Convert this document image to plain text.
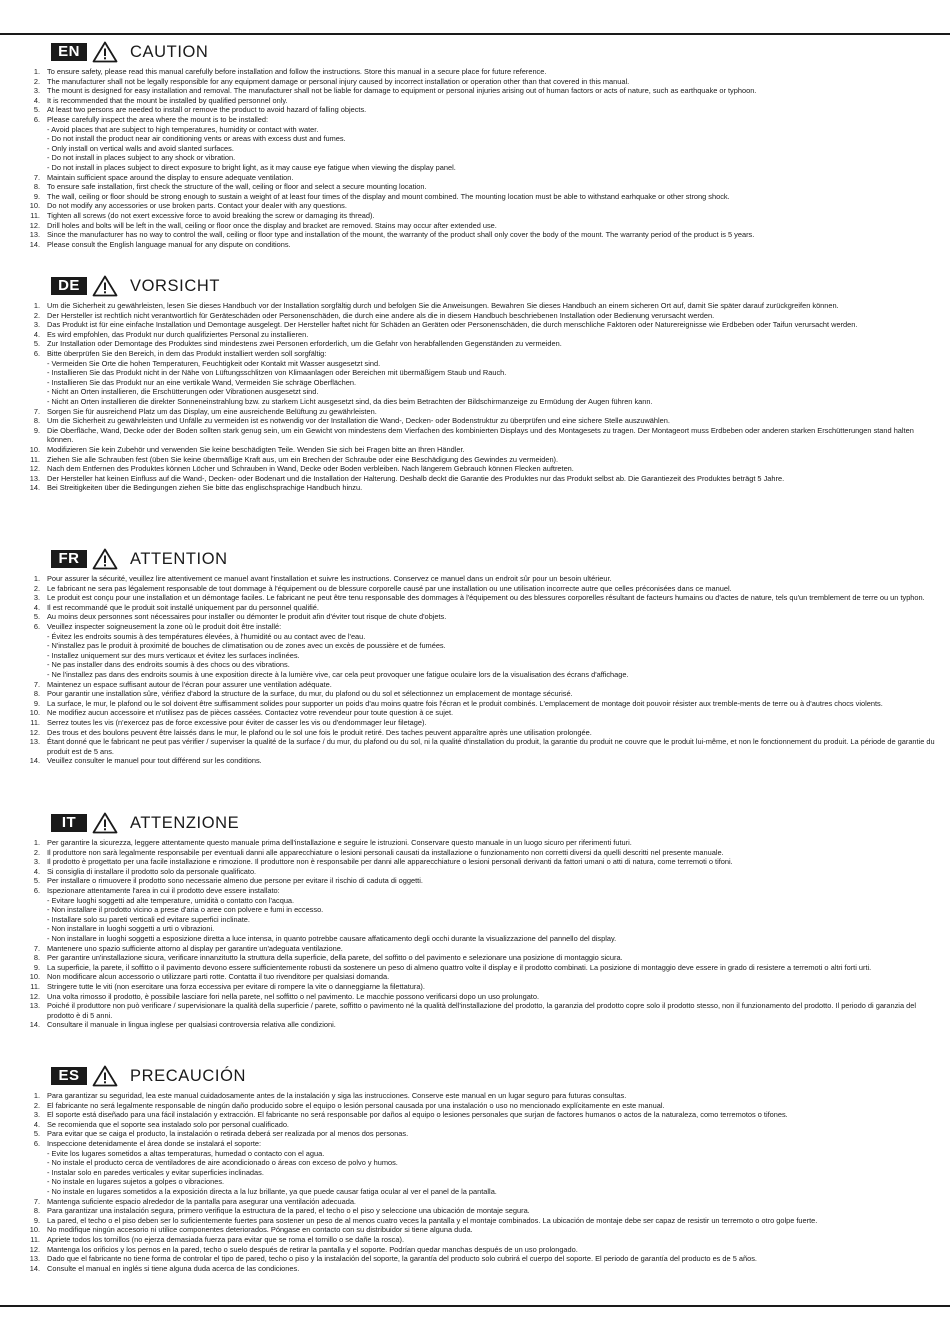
EN	CAUTION
1. To ensure safety, please read this manual carefully before installation and follow the instructions. Store this manual in a secure place for future reference.
2. The manufacturer shall not be legally responsible for any equipment damage or personal injury caused by incorrect installation or operation other than that covered in this manual.
3. The mount is designed for easy installation and removal. The manufacturer shall not be liable for damage to equipment or personal injuries arising out of human factors or acts of nature, such as earthquake or typhoon.
4. It is recommended that the mount be installed by qualified personnel only.
5. At least two persons are needed to install or remove the product to avoid hazard of falling objects.
6. Please carefully inspect the area where the mount is to be installed:
- Avoid places that are subject to high temperatures, humidity or contact with water.
- Do not install the product near air conditioning vents or areas with excess dust and fumes.
- Only install on vertical walls and avoid slanted surfaces.
- Do not install in places subject to any shock or vibration.
- Do not install in places subject to direct exposure to bright light, as it may cause eye fatigue when viewing the display panel.
7. Maintain sufficient space around the display to ensure adequate ventilation.
8. To ensure safe installation, first check the structure of the wall, ceiling or floor and select a secure mounting location.
9. The wall, ceiling or floor should be strong enough to sustain a weight of at least four times of the display and mount combined. The mounting location must be able to withstand earhquake or other strong shock.
10. Do not modify any accessories or use broken parts. Contact your dealer with any questions.
11. Tighten all screws (do not exert excessive force to avoid breaking the screw or damaging its thread).
12. Drill holes and bolts will be left in the wall, ceiling or floor once the display and bracket are removed. Stains may occur after extended use.
13. Since the manufacturer has no way to control the wall, ceiling or floor type and installation of the mount, the warranty of the product shall only cover the body of the mount. The warranty period of the product is 5 years.
14. Please consult the English language manual for any dispute on conditions.
DE	VORSICHT
1. Um die Sicherheit zu gewährleisten, lesen Sie dieses Handbuch vor der Installation sorgfältig durch und befolgen Sie die Anweisungen. Bewahren Sie dieses Handbuch an einem sicheren Ort auf, damit Sie später darauf zurückgreifen können.
2. Der Hersteller ist rechtlich nicht verantwortlich für Geräteschäden oder Personenschäden, die durch eine andere als die in diesem Handbuch beschriebenen Installation oder Bedienung verursacht werden.
3. Das Produkt ist für eine einfache Installation und Demontage ausgelegt. Der Hersteller haftet nicht für Schäden an Geräten oder Personenschäden, die durch menschliche Faktoren oder Naturereignisse wie Erdbeben oder Taifun verursacht werden.
4. Es wird empfohlen, das Produkt nur durch qualifiziertes Personal zu installieren.
5. Zur Installation oder Demontage des Produktes sind mindestens zwei Personen erforderlich, um die Gefahr von herabfallenden Gegenständen zu vermeiden.
6. Bitte überprüfen Sie den Bereich, in dem das Produkt installiert werden soll sorgfältig:
- Vermeiden Sie Orte die hohen Temperaturen, Feuchtigkeit oder Kontakt mit Wasser ausgesetzt sind.
- Installieren Sie das Produkt nicht in der Nähe von Lüftungsschlitzen von Klimaanlagen oder Bereichen mit übermäßigem Staub und Rauch.
- Installieren Sie das Produkt nur an eine vertikale Wand, Vermeiden Sie schräge Oberflächen.
- Nicht an Orten installieren, die Erschütterungen oder Vibrationen ausgesetzt sind.
- Nicht an Orten installieren die direkter Sonneneinstrahlung bzw. zu starkem Licht ausgesetzt sind, da dies beim Betrachten der Bildschirmanzeige zu Ermüdung der Augen führen kann.
7. Sorgen Sie für ausreichend Platz um das Display, um eine ausreichende Belüftung zu gewährleisten.
8. Um die Sicherheit zu gewährleisten und Unfälle zu vermeiden ist es notwendig vor der Installation die Wand-, Decken- oder Bodenstruktur zu überprüfen und eine sichere Stelle auszuwählen.
9. Die Oberfläche, Wand, Decke oder der Boden sollten stark genug sein, um ein Gewicht von mindestens dem Vierfachen des kombinierten Displays und des Montagesets zu tragen. Der Montageort muss Erdbeben oder anderen starken Erschütterungen stand halten können.
10. Modifizieren Sie kein Zubehör und verwenden Sie keine beschädigten Teile. Wenden Sie sich bei Fragen bitte an Ihren Händler.
11. Ziehen Sie alle Schrauben fest (üben Sie keine übermäßige Kraft aus, um ein Brechen der Schraube oder eine Beschädigung des Gewindes zu vermeiden).
12. Nach dem Entfernen des Produktes können Löcher und Schrauben in Wand, Decke oder Boden verbleiben. Nach längerem Gebrauch können Flecken auftreten.
13. Der Hersteller hat keinen Einfluss auf die Wand-, Decken- oder Bodenart und die Installation der Halterung. Deshalb deckt die Garantie des Produktes nur das Produkt selbst ab. Die Garantiezeit des Produktes beträgt 5 Jahre.
14. Bei Streitigkeiten über die Bedingungen ziehen Sie bitte das englischsprachige Handbuch hinzu.
FR	ATTENTION
1. Pour assurer la sécurité, veuillez lire attentivement ce manuel avant l'installation et suivre les instructions. Conservez ce manuel dans un endroit sûr pour un besoin ultérieur.
2. Le fabricant ne sera pas légalement responsable de tout dommage à l'équipement ou de blessure corporelle causé par une installation ou une utilisation incorrecte autre que celles préconisées dans ce manuel.
3. Le produit est conçu pour une installation et un démontage faciles. Le fabricant ne peut être tenu responsable des dommages à l'équipement ou des blessures corporelles résultant de facteurs humains ou d'actes de nature, tels qu'un tremblement de terre ou un typhon.
4. Il est recommandé que le produit soit installé uniquement par du personnel qualifié.
5. Au moins deux personnes sont nécessaires pour installer ou démonter le produit afin d'éviter tout risque de chute d'objets.
6. Veuillez inspecter soigneusement la zone où le produit doit être installé:
- Évitez les endroits soumis à des températures élevées, à l'humidité ou au contact avec de l'eau.
- N'installez pas le produit à proximité de bouches de climatisation ou de zones avec un excès de poussière et de fumées.
- Installez uniquement sur des murs verticaux et évitez les surfaces inclinées.
- Ne pas installer dans des endroits soumis à des chocs ou des vibrations.
- Ne l'installez pas dans des endroits soumis à une exposition directe à la lumière vive, car cela peut provoquer une fatigue oculaire lors de la visualisation des écrans d'affichage.
7. Maintenez un espace suffisant autour de l'écran pour assurer une ventilation adéquate.
8. Pour garantir une installation sûre, vérifiez d'abord la structure de la surface, du mur, du plafond ou du sol et sélectionnez un emplacement de montage sécurisé.
9. La surface, le mur, le plafond ou le sol doivent être suffisamment solides pour supporter un poids d'au moins quatre fois l'écran et le produit combinés. L'emplacement de montage doit pouvoir résister aux tremble-ments de terre ou à d'autres chocs violents.
10. Ne modifiez aucun accessoire et n'utilisez pas de pièces cassées. Contactez votre revendeur pour toute question à ce sujet.
11. Serrez toutes les vis (n'exercez pas de force excessive pour éviter de casser les vis ou d'endommager leur filetage).
12. Des trous et des boulons peuvent être laissés dans le mur, le plafond ou le sol une fois le produit retiré. Des taches peuvent apparaître après une utilisation prolongée.
13. Étant donné que le fabricant ne peut pas vérifier / superviser la qualité de la surface / du mur, du plafond ou du sol, ni la qualité d'installation du produit, la garantie du produit ne couvre que le produit lui-même, et non le fonctionnement du produit. La période de garantie du produit est de 5 ans.
14. Veuillez consulter le manuel pour tout différend sur les conditions.
IT	ATTENZIONE
1. Per garantire la sicurezza, leggere attentamente questo manuale prima dell'installazione e seguire le istruzioni. Conservare questo manuale in un luogo sicuro per riferimenti futuri.
2. Il produttore non sarà legalmente responsabile per eventuali danni alle apparecchiature o lesioni personali causati da installazione o funzionamento non corretti diversi da quelli descritti nel presente manuale.
3. Il prodotto è progettato per una facile installazione e rimozione. Il produttore non è responsabile per danni alle apparecchiature o lesioni personali derivanti da fattori umani o atti di natura, come terremoti o tifoni.
4. Si consiglia di installare il prodotto solo da personale qualificato.
5. Per installare o rimuovere il prodotto sono necessarie almeno due persone per evitare il rischio di caduta di oggetti.
6. Ispezionare attentamente l'area in cui il prodotto deve essere installato:
- Evitare luoghi soggetti ad alte temperature, umidità o contatto con l'acqua.
- Non installare il prodotto vicino a prese d'aria o aree con polvere e fumi in eccesso.
- Installare solo su pareti verticali ed evitare superfici inclinate.
- Non installare in luoghi soggetti a urti o vibrazioni.
- Non installare in luoghi soggetti a esposizione diretta a luce intensa, in quanto potrebbe causare affaticamento degli occhi durante la visualizzazione del pannello del display.
7. Mantenere uno spazio sufficiente attorno al display per garantire un'adeguata ventilazione.
8. Per garantire un'installazione sicura, verificare innanzitutto la struttura della superficie, della parete, del soffitto o del pavimento e selezionare una posizione di montaggio sicura.
9. La superficie, la parete, il soffitto o il pavimento devono essere sufficientemente robusti da sostenere un peso di almeno quattro volte il display e il prodotto combinati. La posizione di montaggio deve essere in grado di resistere a terremoti o altri forti urti.
10. Non modificare alcun accessorio o utilizzare parti rotte. Contatta il tuo rivenditore per qualsiasi domanda.
11. Stringere tutte le viti (non esercitare una forza eccessiva per evitare di rompere la vite o danneggiarne la filettatura).
12. Una volta rimosso il prodotto, è possibile lasciare fori nella parete, nel soffitto o nel pavimento. Le macchie possono verificarsi dopo un uso prolungato.
13. Poiché il produttore non può verificare / supervisionare la qualità della superficie / parete, soffitto o pavimento né la qualità dell'installazione del prodotto, la garanzia del prodotto copre solo il prodotto stesso, non il funzionamento del prodotto. Il periodo di garanzia del prodotto è di 5 anni.
14. Consultare il manuale in lingua inglese per qualsiasi controversia relativa alle condizioni.
ES	PRECAUCIÓN
1. Para garantizar su seguridad, lea este manual cuidadosamente antes de la instalación y siga las instrucciones. Conserve este manual en un lugar seguro para futuras consultas.
2. El fabricante no será legalmente responsable de ningún daño producido sobre el equipo o lesión personal causada por una instalación o uso no mencionado explícitamente en este manual.
3. El soporte está diseñado para una fácil instalación y extracción. El fabricante no será responsable por daños al equipo o lesiones personales que surjan de factores humanos o actos de la naturaleza, como terremotos o tifones.
4. Se recomienda que el soporte sea instalado solo por personal cualificado.
5. Para evitar que se caiga el producto, la instalación o retirada deberá ser realizada por al menos dos personas.
6. Inspeccione detenidamente el área donde se instalará el soporte:
- Evite los lugares sometidos a altas temperaturas, humedad o contacto con el agua.
- No instale el producto cerca de ventiladores de aire acondicionado o áreas con exceso de polvo y humos.
- Instalar solo en paredes verticales y evitar superficies inclinadas.
- No instale en lugares sujetos a golpes o vibraciones.
- No instale en lugares sometidos a la exposición directa a la luz brillante, ya que puede causar fatiga ocular al ver el panel de la pantalla.
7. Mantenga suficiente espacio alrededor de la pantalla para asegurar una ventilación adecuada.
8. Para garantizar una instalación segura, primero verifique la estructura de la pared, el techo o el piso y seleccione una ubicación de montaje segura.
9. La pared, el techo o el piso deben ser lo suficientemente fuertes para sostener un peso de al menos cuatro veces la pantalla y el montaje combinados. La ubicación de montaje debe ser capaz de resistir un terremoto o otro golpe fuerte.
10. No modifique ningún accesorio ni utilice componentes deteriorados. Póngase en contacto con su distribuidor si tiene alguna duda.
11. Apriete todos los tornillos (no ejerza demasiada fuerza para evitar que se roma el tornillo o se dañe la rosca).
12. Mantenga los orificios y los pernos en la pared, techo o suelo después de retirar la pantalla y el soporte. Podrían quedar manchas después de un uso prolongado.
13. Dado que el fabricante no tiene forma de controlar el tipo de pared, techo o piso y la instalación del soporte, la garantía del producto solo cubrirá el cuerpo del soporte. El periodo de garantía del producto es de 5 años.
14. Consulte el manual en inglés si tiene alguna duda acerca de las condiciones.
